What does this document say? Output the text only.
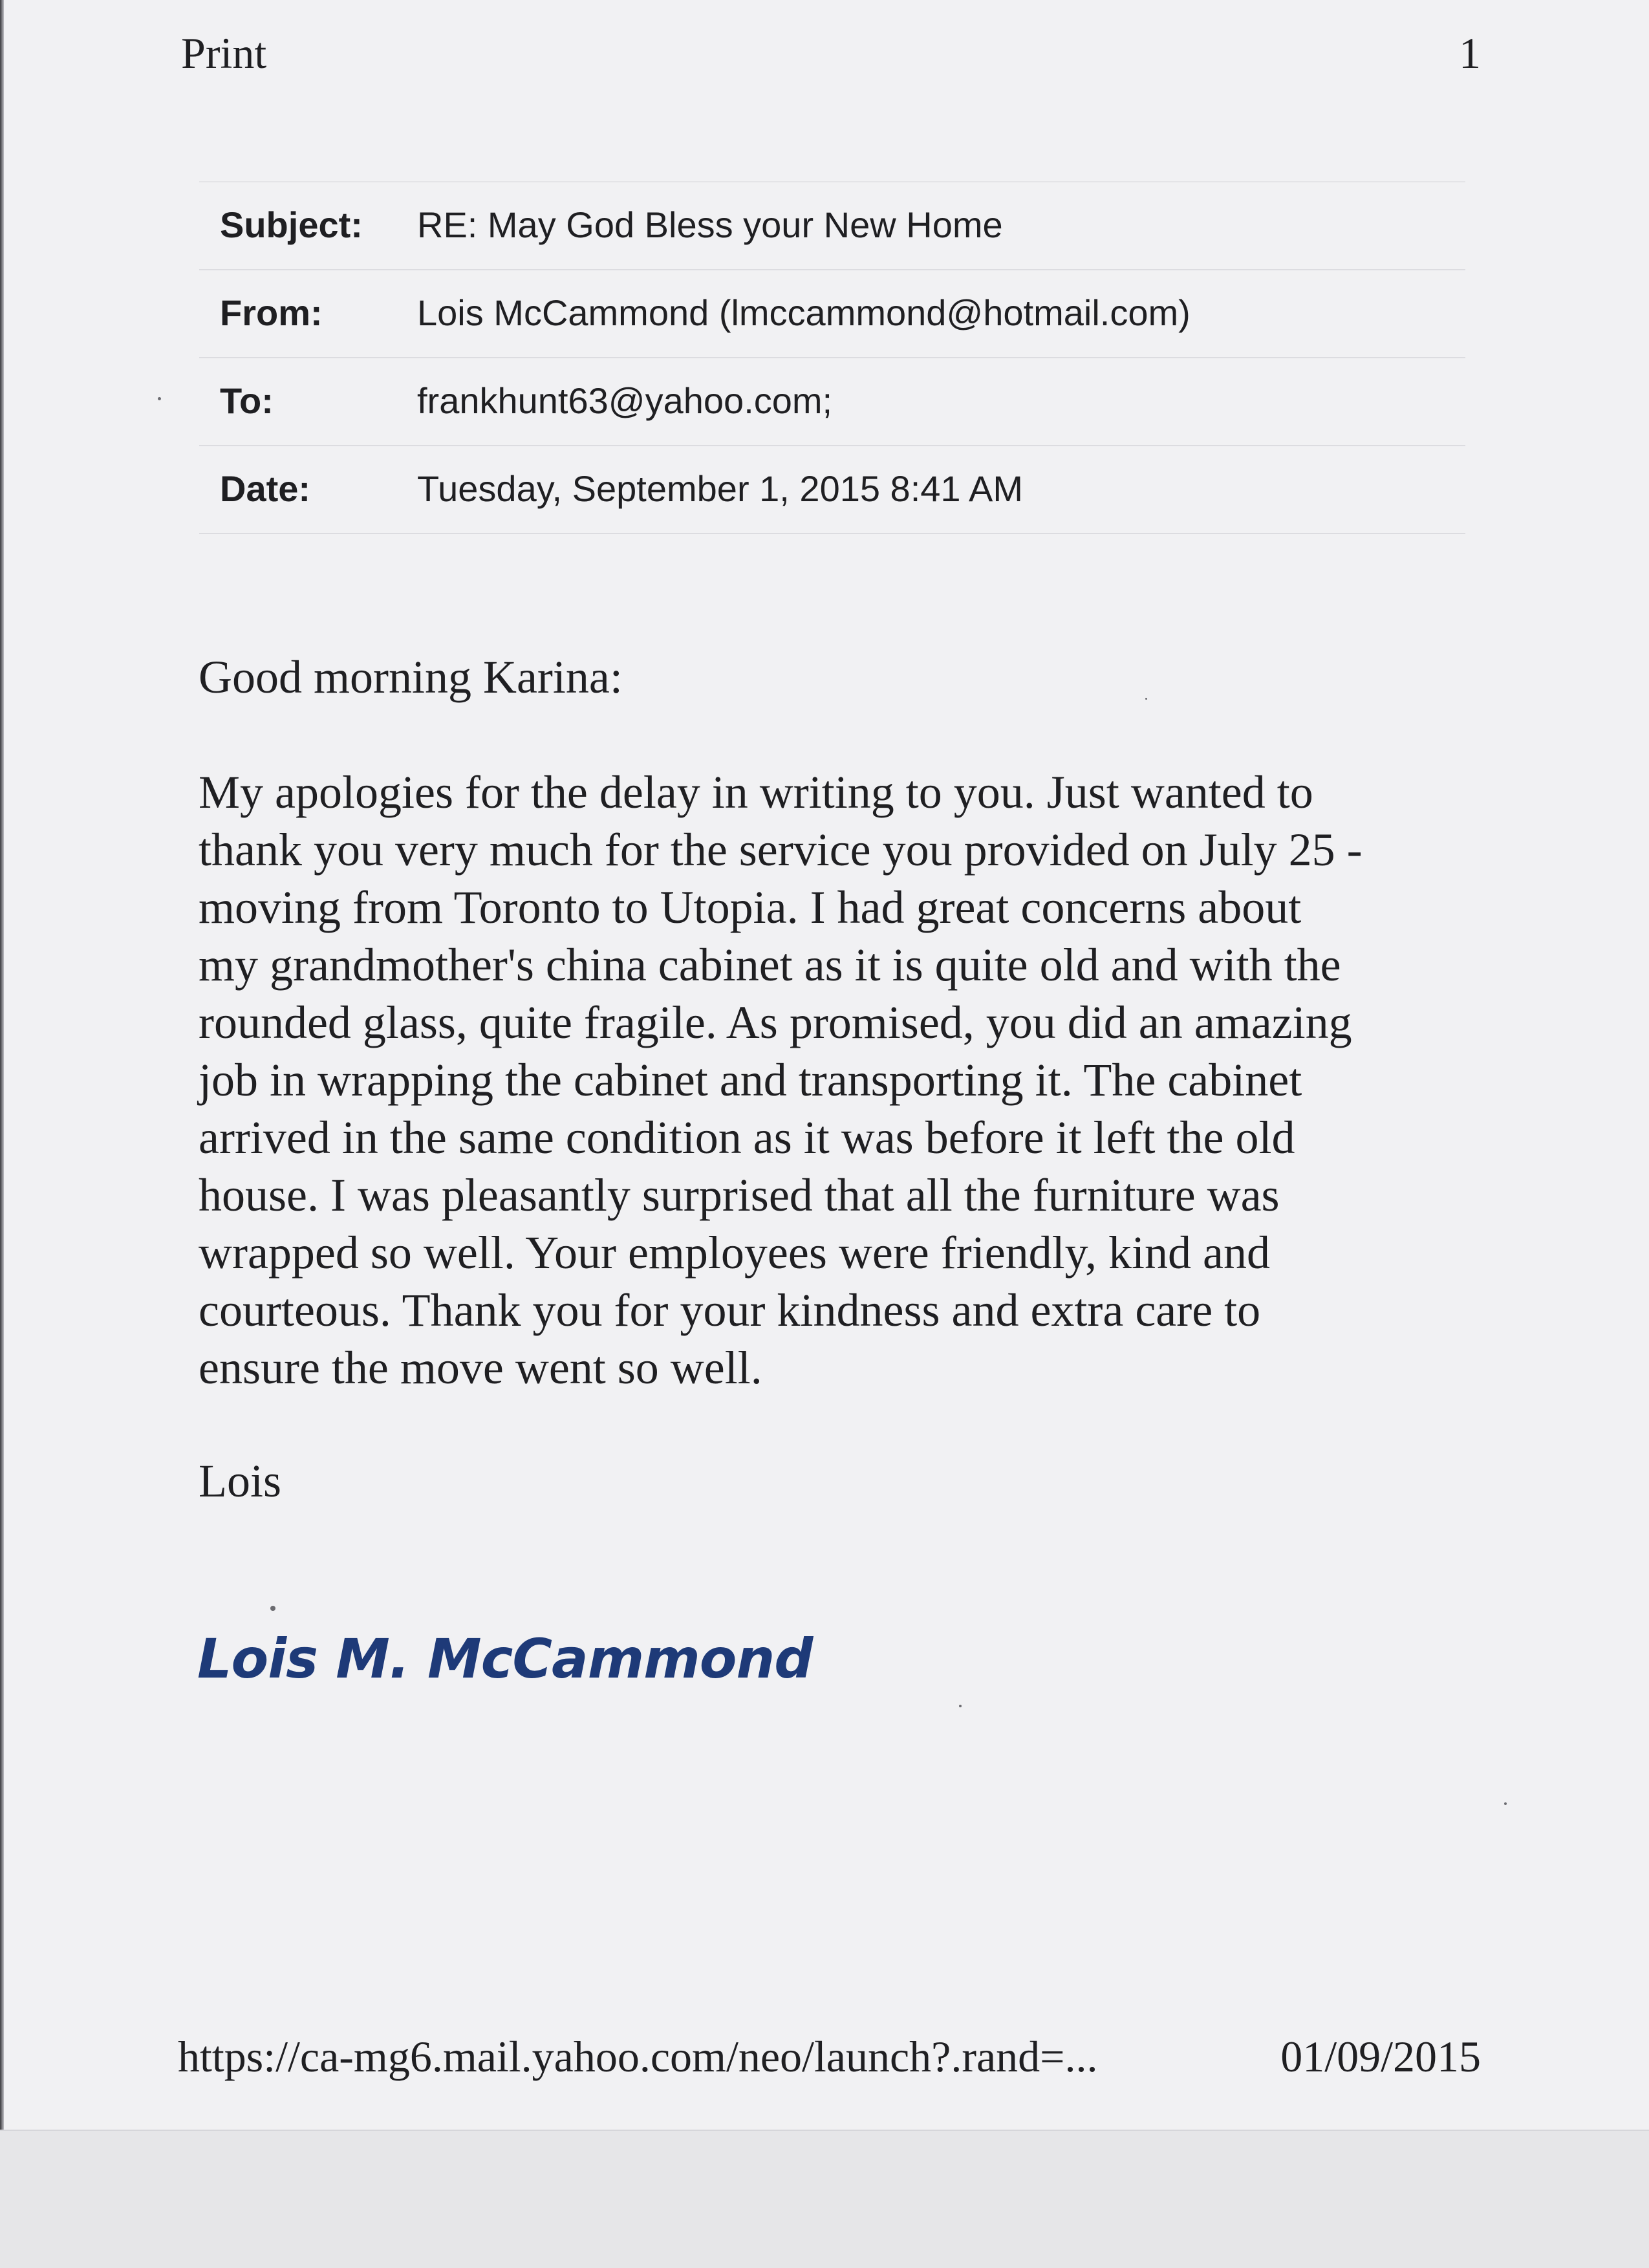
Print	1
Subject: RE: May God Bless your New Home
From:	Lois McCammond (lmccammond@hotmail.com)
To:	frankhunt63@yahoo.com;
Date:	Tuesday, September 1, 2015 8:41 AM
Good morning Karina:
My apologies for the delay in writing to you. Just wanted to
thank you very much for the service you provided on July 25 -
moving from Toronto to Utopia. I had great concerns about
my grandmother's china cabinet as it is quite old and with the
rounded glass, quite fragile. As promised, you did an amazing
job in wrapping the cabinet and transporting it. The cabinet
arrived in the same condition as it was before it left the old
house. I was pleasantly surprised that all the furniture was
wrapped so well. Your employees were friendly, kind and
courteous. Thank you for your kindness and extra care to
ensure the move went so well.
Lois
Lois M. McCammond
https://ca-mg6.mail.yahoo.com/neo/launch?.rand=...	01/09/2015
